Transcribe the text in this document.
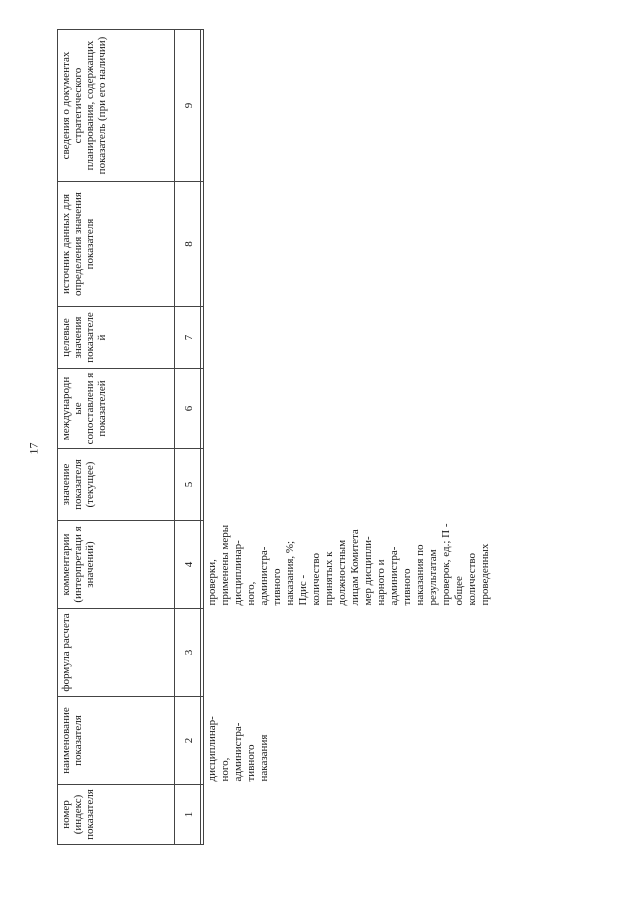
17
номер (индекс) показателя	наименование показателя	формула расчета	комментарии (интерпретаци я значений)	значение показателя (текущее)	международн ые сопоставлени я показателей	целевые значения показателе й	источник данных для определения значения показателя	сведения о документах стратегического планирования, содержащих показатель (при его наличии)
1	2	3	4	5	6	7	8	9
	дисциплинар-ного, администра-тивного наказания		проверки, применены меры дисциплинар-ного, администра-тивного наказания, %; Пдис - количество принятых к должностным лицам Комитета мер дисципли-нарного и администра-тивного наказания по результатам проверок, ед.; П - общее количество проведенных					
